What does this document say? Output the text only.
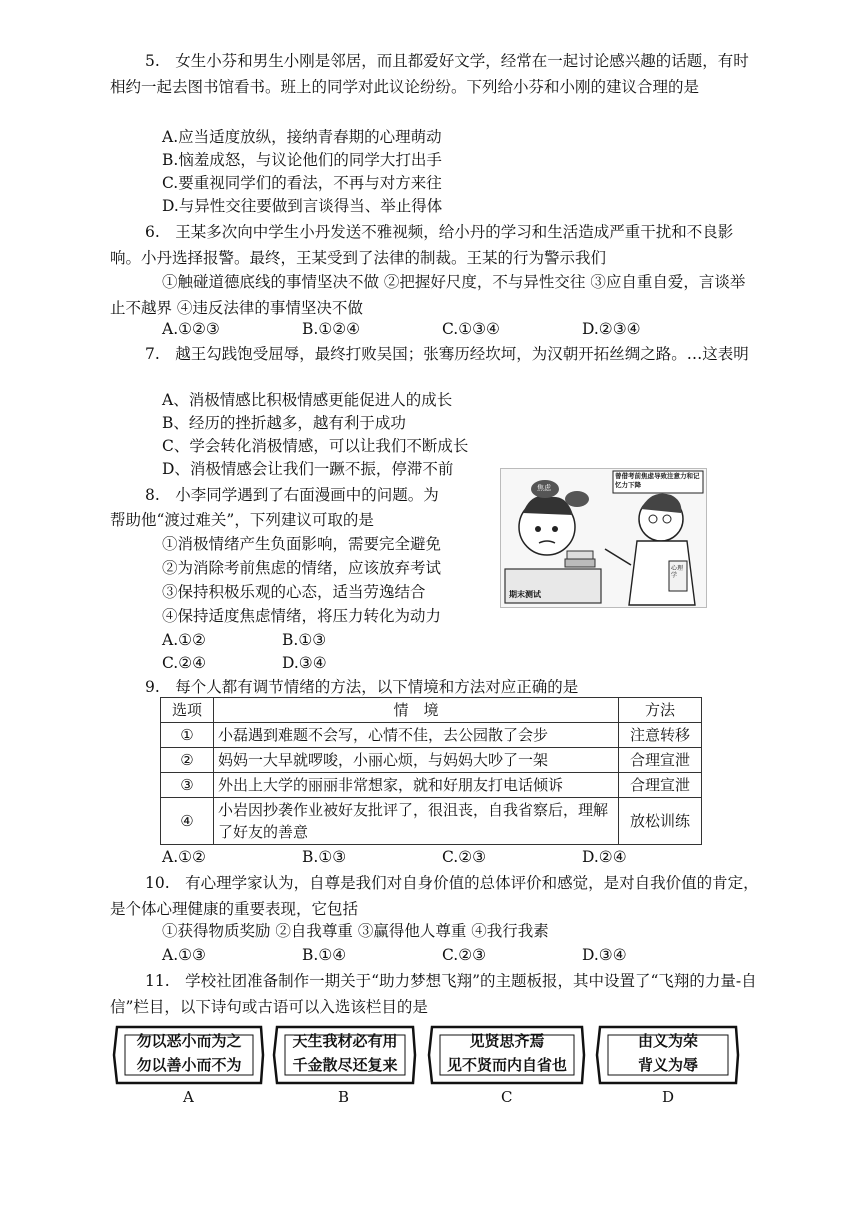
5.　女生小芬和男生小刚是邻居，而且都爱好文学，经常在一起讨论感兴趣的话题，有时相约一起去图书馆看书。班上的同学对此议论纷纷。下列给小芬和小刚的建议合理的是
A.应当适度放纵，接纳青春期的心理萌动
B.恼羞成怒，与议论他们的同学大打出手
C.要重视同学们的看法，不再与对方来往
D.与异性交往要做到言谈得当、举止得体
6.　王某多次向中学生小丹发送不雅视频，给小丹的学习和生活造成严重干扰和不良影响。小丹选择报警。最终，王某受到了法律的制裁。王某的行为警示我们
①触碰道德底线的事情坚决不做 ②把握好尺度，不与异性交往 ③应自重自爱，言谈举止不越界 ④违反法律的事情坚决不做
A.①②③	B.①②④	C.①③④	D.②③④
7.　越王勾践饱受屈辱，最终打败吴国；张骞历经坎坷，为汉朝开拓丝绸之路。…这表明
A、消极情感比积极情感更能促进人的成长
B、经历的挫折越多，越有利于成功
C、学会转化消极情感，可以让我们不断成长
D、消极情感会让我们一蹶不振，停滞不前
8.　小李同学遇到了右面漫画中的问题。为
帮助他“渡过难关”，下列建议可取的是
①消极情绪产生负面影响，需要完全避免
②为消除考前焦虑的情绪，应该放弃考试
③保持积极乐观的心态，适当劳逸结合
④保持适度焦虑情绪，将压力转化为动力
A.①②	B.①③
C.②④	D.③④
曾借考前焦虑导致注意力和记忆力下降
期末测试
心理学
焦虑
9.　每个人都有调节情绪的方法，以下情境和方法对应正确的是
选项	情　境	方法
①	小磊遇到难题不会写，心情不佳，去公园散了会步	注意转移
②	妈妈一大早就啰唆，小丽心烦，与妈妈大吵了一架	合理宣泄
③	外出上大学的丽丽非常想家，就和好朋友打电话倾诉	合理宣泄
④	小岩因抄袭作业被好友批评了，很沮丧，自我省察后，理解了好友的善意	放松训练
A.①②	B.①③	C.②③	D.②④
10.　有心理学家认为，自尊是我们对自身价值的总体评价和感觉，是对自我价值的肯定，是个体心理健康的重要表现，它包括
①获得物质奖励 ②自我尊重 ③赢得他人尊重 ④我行我素
A.①③	B.①④	C.②③	D.③④
11.　学校社团准备制作一期关于“助力梦想飞翔”的主题板报，其中设置了“飞翔的力量-自信”栏目，以下诗句或古语可以入选该栏目的是
勿以恶小而为之
勿以善小而不为
天生我材必有用
千金散尽还复来
见贤思齐焉
见不贤而内自省也
由义为荣
背义为辱
A	B	C	D
